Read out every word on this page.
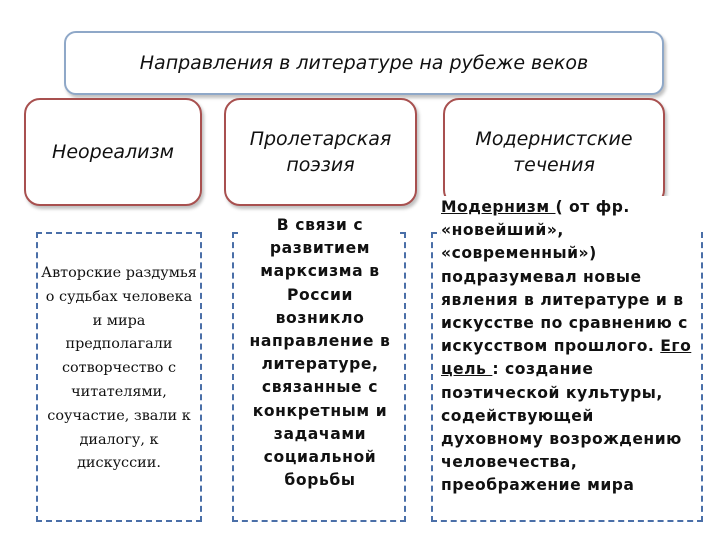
Направления в литературе на рубеже веков
Неореализм
Пролетарская
поэзия
Модернистские
течения
Авторские раздумья о судьбах человека и мира предполагали сотворчество с читателями, соучастие, звали к диалогу, к дискуссии.
В связи с развитием марксизма в России возникло направление в литературе, связанные с конкретным и задачами социальной борьбы
Модернизм ( от фр. «новейший», «современный») подразумевал новые явления в литературе и в искусстве по сравнению с искусством прошлого. Его цель : создание поэтической культуры, содействующей духовному возрождению человечества, преображение мира
